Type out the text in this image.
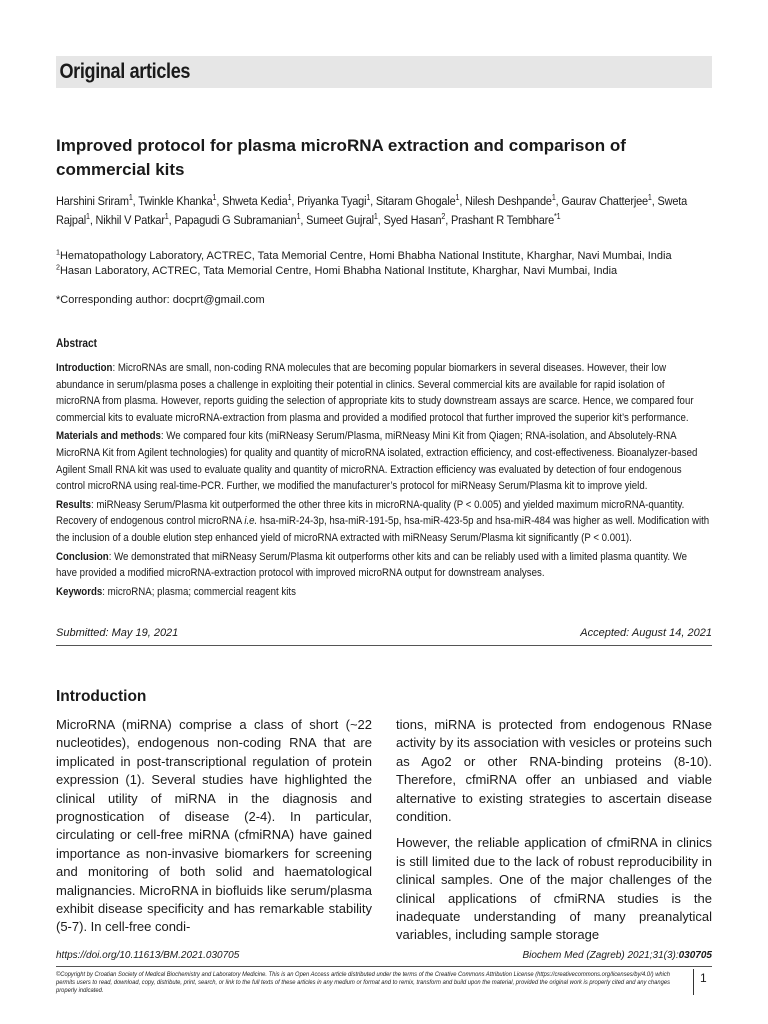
Original articles
Improved protocol for plasma microRNA extraction and comparison of
commercial kits
Harshini Sriram$^1$, Twinkle Khanka$^1$, Shweta Kedia$^1$, Priyanka Tyagi$^1$, Sitaram Ghogale$^1$, Nilesh Deshpande$^1$, Gaurav Chatterjee$^1$, Sweta Rajpal$^1$, Nikhil V Patkar$^1$, Papagudi G Subramanian$^1$, Sumeet Gujral$^1$, Syed Hasan$^2$, Prashant R Tembhare$^{*1}$
$^1$Hematopathology Laboratory, ACTREC, Tata Memorial Centre, Homi Bhabha National Institute, Kharghar, Navi Mumbai, India
$^2$Hasan Laboratory, ACTREC, Tata Memorial Centre, Homi Bhabha National Institute, Kharghar, Navi Mumbai, India
*Corresponding author: docprt@gmail.com
Abstract

Introduction: MicroRNAs are small, non-coding RNA molecules that are becoming popular biomarkers in several diseases. However, their low abundance in serum/plasma poses a challenge in exploiting their potential in clinics. Several commercial kits are available for rapid isolation of microRNA from plasma. However, reports guiding the selection of appropriate kits to study downstream assays are scarce. Hence, we compared four commercial kits to evaluate microRNA-extraction from plasma and provided a modified protocol that further improved the superior kit’s performance.

Materials and methods: We compared four kits (miRNeasy Serum/Plasma, miRNeasy Mini Kit from Qiagen; RNA-isolation, and Absolutely-RNA MicroRNA Kit from Agilent technologies) for quality and quantity of microRNA isolated, extraction efficiency, and cost-effectiveness. Bioanalyzer-based Agilent Small RNA kit was used to evaluate quality and quantity of microRNA. Extraction efficiency was evaluated by detection of four endogenous control microRNA using real-time-PCR. Further, we modified the manufacturer’s protocol for miRNeasy Serum/Plasma kit to improve yield.

Results: miRNeasy Serum/Plasma kit outperformed the other three kits in microRNA-quality (P < 0.005) and yielded maximum microRNA-quantity. Recovery of endogenous control microRNA i.e. hsa-miR-24-3p, hsa-miR-191-5p, hsa-miR-423-5p and hsa-miR-484 was higher as well. Modification with the inclusion of a double elution step enhanced yield of microRNA extracted with miRNeasy Serum/Plasma kit significantly (P < 0.001).

Conclusion: We demonstrated that miRNeasy Serum/Plasma kit outperforms other kits and can be reliably used with a limited plasma quantity. We have provided a modified microRNA-extraction protocol with improved microRNA output for downstream analyses.

Keywords: microRNA; plasma; commercial reagent kits

Submitted: May 19, 2021	Accepted: August 14, 2021
Introduction

MicroRNA (miRNA) comprise a class of short (~22 nucleotides), endogenous non-coding RNA that are implicated in post-transcriptional regulation of protein expression (1). Several studies have highlighted the clinical utility of miRNA in the diagnosis and prognostication of disease (2-4). In particular, circulating or cell-free miRNA (cfmiRNA) have gained importance as non-invasive biomarkers for screening and monitoring of both solid and haematological malignancies. MicroRNA in biofluids like serum/plasma exhibit disease specificity and has remarkable stability (5-7). In cell-free condi-

tions, miRNA is protected from endogenous RNase activity by its association with vesicles or proteins such as Ago2 or other RNA-binding proteins (8-10). Therefore, cfmiRNA offer an unbiased and viable alternative to existing strategies to ascertain disease condition.

However, the reliable application of cfmiRNA in clinics is still limited due to the lack of robust reproducibility in clinical samples. One of the major challenges of the clinical applications of cfmiRNA studies is the inadequate understanding of many preanalytical variables, including sample storage

https://doi.org/10.11613/BM.2021.030705	Biochem Med (Zagreb) 2021;31(3):030705
©Copyright by Croatian Society of Medical Biochemistry and Laboratory Medicine. This is an Open Access article distributed under the terms of the Creative Commons Attribution License (https://creativecommons.org/licenses/by/4.0/) which permits users to read, download, copy, distribute, print, search, or link to the full texts of these articles in any medium or format and to remix, transform and build upon the material, provided the original work is properly cited and any changes properly indicated.
1
